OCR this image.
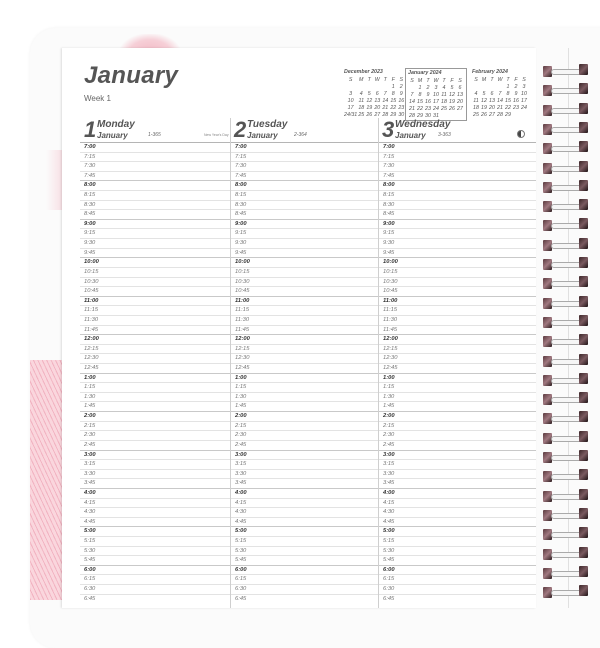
January
Week 1
December 2023
S	M	T	W	T	F	S
					1	2
3	4	5	6	7	8	9
10	11	12	13	14	15	16
17	18	19	20	21	22	23
24/31	25	26	27	28	29	30
January 2024
S	M	T	W	T	F	S
	1	2	3	4	5	6
7	8	9	10	11	12	13
14	15	16	17	18	19	20
21	22	23	24	25	26	27
28	29	30	31			
February 2024
S	M	T	W	T	F	S
				1	2	3
4	5	6	7	8	9	10
11	12	13	14	15	16	17
18	19	20	21	22	23	24
25	26	27	28	29		
1 Monday
January	1-365	New Year's Day 2 Tuesday
January	2-364	3 Wednesday
January 3-363
7:00
7:15
7:30
7:45
8:00
8:15
8:30
8:45
9:00
9:15
9:30
9:45
10:00
10:15
10:30
10:45
11:00
11:15
11:30
11:45
12:00
12:15
12:30
12:45
1:00
1:15
1:30
1:45
2:00
2:15
2:30
2:45
3:00
3:15
3:30
3:45
4:00
4:15
4:30
4:45
5:00
5:15
5:30
5:45
6:00
6:15
6:30
6:45
7:00
7:15
7:30
7:45
8:00
8:15
8:30
8:45
9:00
9:15
9:30
9:45
10:00
10:15
10:30
10:45
11:00
11:15
11:30
11:45
12:00
12:15
12:30
12:45
1:00
1:15
1:30
1:45
2:00
2:15
2:30
2:45
3:00
3:15
3:30
3:45
4:00
4:15
4:30
4:45
5:00
5:15
5:30
5:45
6:00
6:15
6:30
6:45
7:00
7:15
7:30
7:45
8:00
8:15
8:30
8:45
9:00
9:15
9:30
9:45
10:00
10:15
10:30
10:45
11:00
11:15
11:30
11:45
12:00
12:15
12:30
12:45
1:00
1:15
1:30
1:45
2:00
2:15
2:30
2:45
3:00
3:15
3:30
3:45
4:00
4:15
4:30
4:45
5:00
5:15
5:30
5:45
6:00
6:15
6:30
6:45
